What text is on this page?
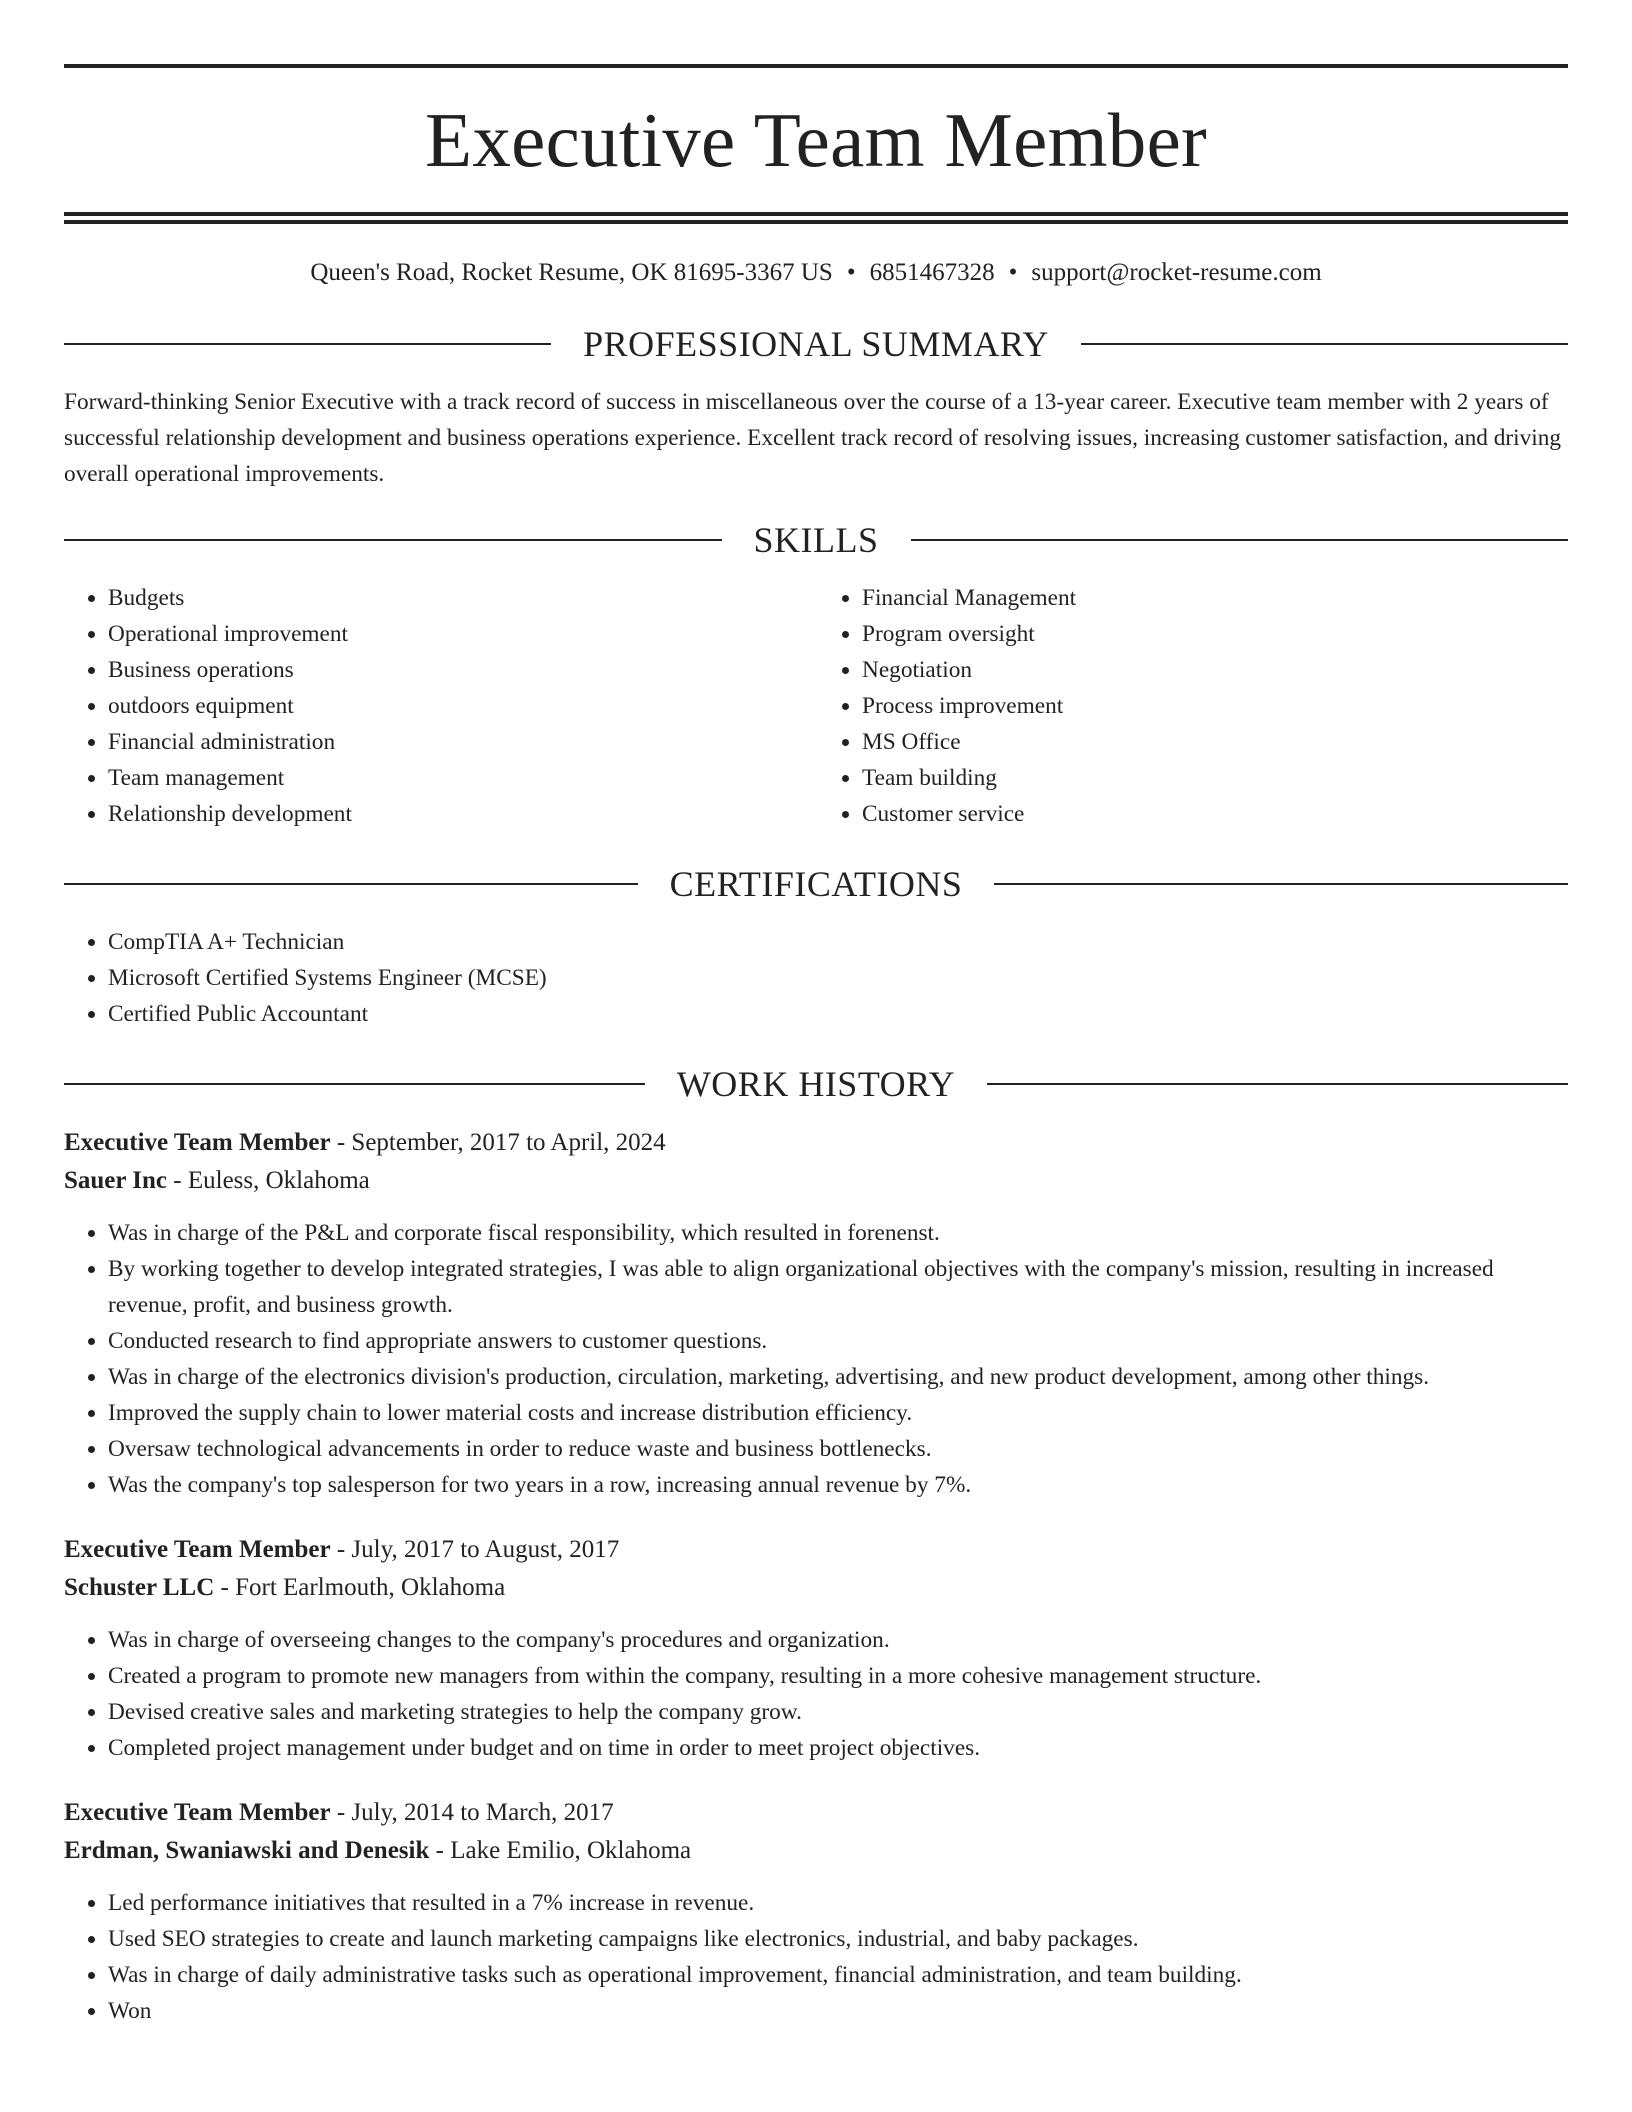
Executive Team Member
Queen's Road, Rocket Resume, OK 81695-3367 US • 6851467328 • support@rocket-resume.com
PROFESSIONAL SUMMARY
Forward-thinking Senior Executive with a track record of success in miscellaneous over the course of a 13-year career. Executive team member with 2 years of successful relationship development and business operations experience. Excellent track record of resolving issues, increasing customer satisfaction, and driving overall operational improvements.
SKILLS
• Budgets
• Operational improvement
• Business operations
• outdoors equipment
• Financial administration
• Team management
• Relationship development
• Financial Management
• Program oversight
• Negotiation
• Process improvement
• MS Office
• Team building
• Customer service
CERTIFICATIONS
• CompTIA A+ Technician
• Microsoft Certified Systems Engineer (MCSE)
• Certified Public Accountant
WORK HISTORY
Executive Team Member - September, 2017 to April, 2024
Sauer Inc - Euless, Oklahoma
• Was in charge of the P&L and corporate fiscal responsibility, which resulted in forenenst.
• By working together to develop integrated strategies, I was able to align organizational objectives with the company's mission, resulting in increased revenue, profit, and business growth.
• Conducted research to find appropriate answers to customer questions.
• Was in charge of the electronics division's production, circulation, marketing, advertising, and new product development, among other things.
• Improved the supply chain to lower material costs and increase distribution efficiency.
• Oversaw technological advancements in order to reduce waste and business bottlenecks.
• Was the company's top salesperson for two years in a row, increasing annual revenue by 7%.
Executive Team Member - July, 2017 to August, 2017
Schuster LLC - Fort Earlmouth, Oklahoma
• Was in charge of overseeing changes to the company's procedures and organization.
• Created a program to promote new managers from within the company, resulting in a more cohesive management structure.
• Devised creative sales and marketing strategies to help the company grow.
• Completed project management under budget and on time in order to meet project objectives.
Executive Team Member - July, 2014 to March, 2017
Erdman, Swaniawski and Denesik - Lake Emilio, Oklahoma
• Led performance initiatives that resulted in a 7% increase in revenue.
• Used SEO strategies to create and launch marketing campaigns like electronics, industrial, and baby packages.
• Was in charge of daily administrative tasks such as operational improvement, financial administration, and team building.
• Won
